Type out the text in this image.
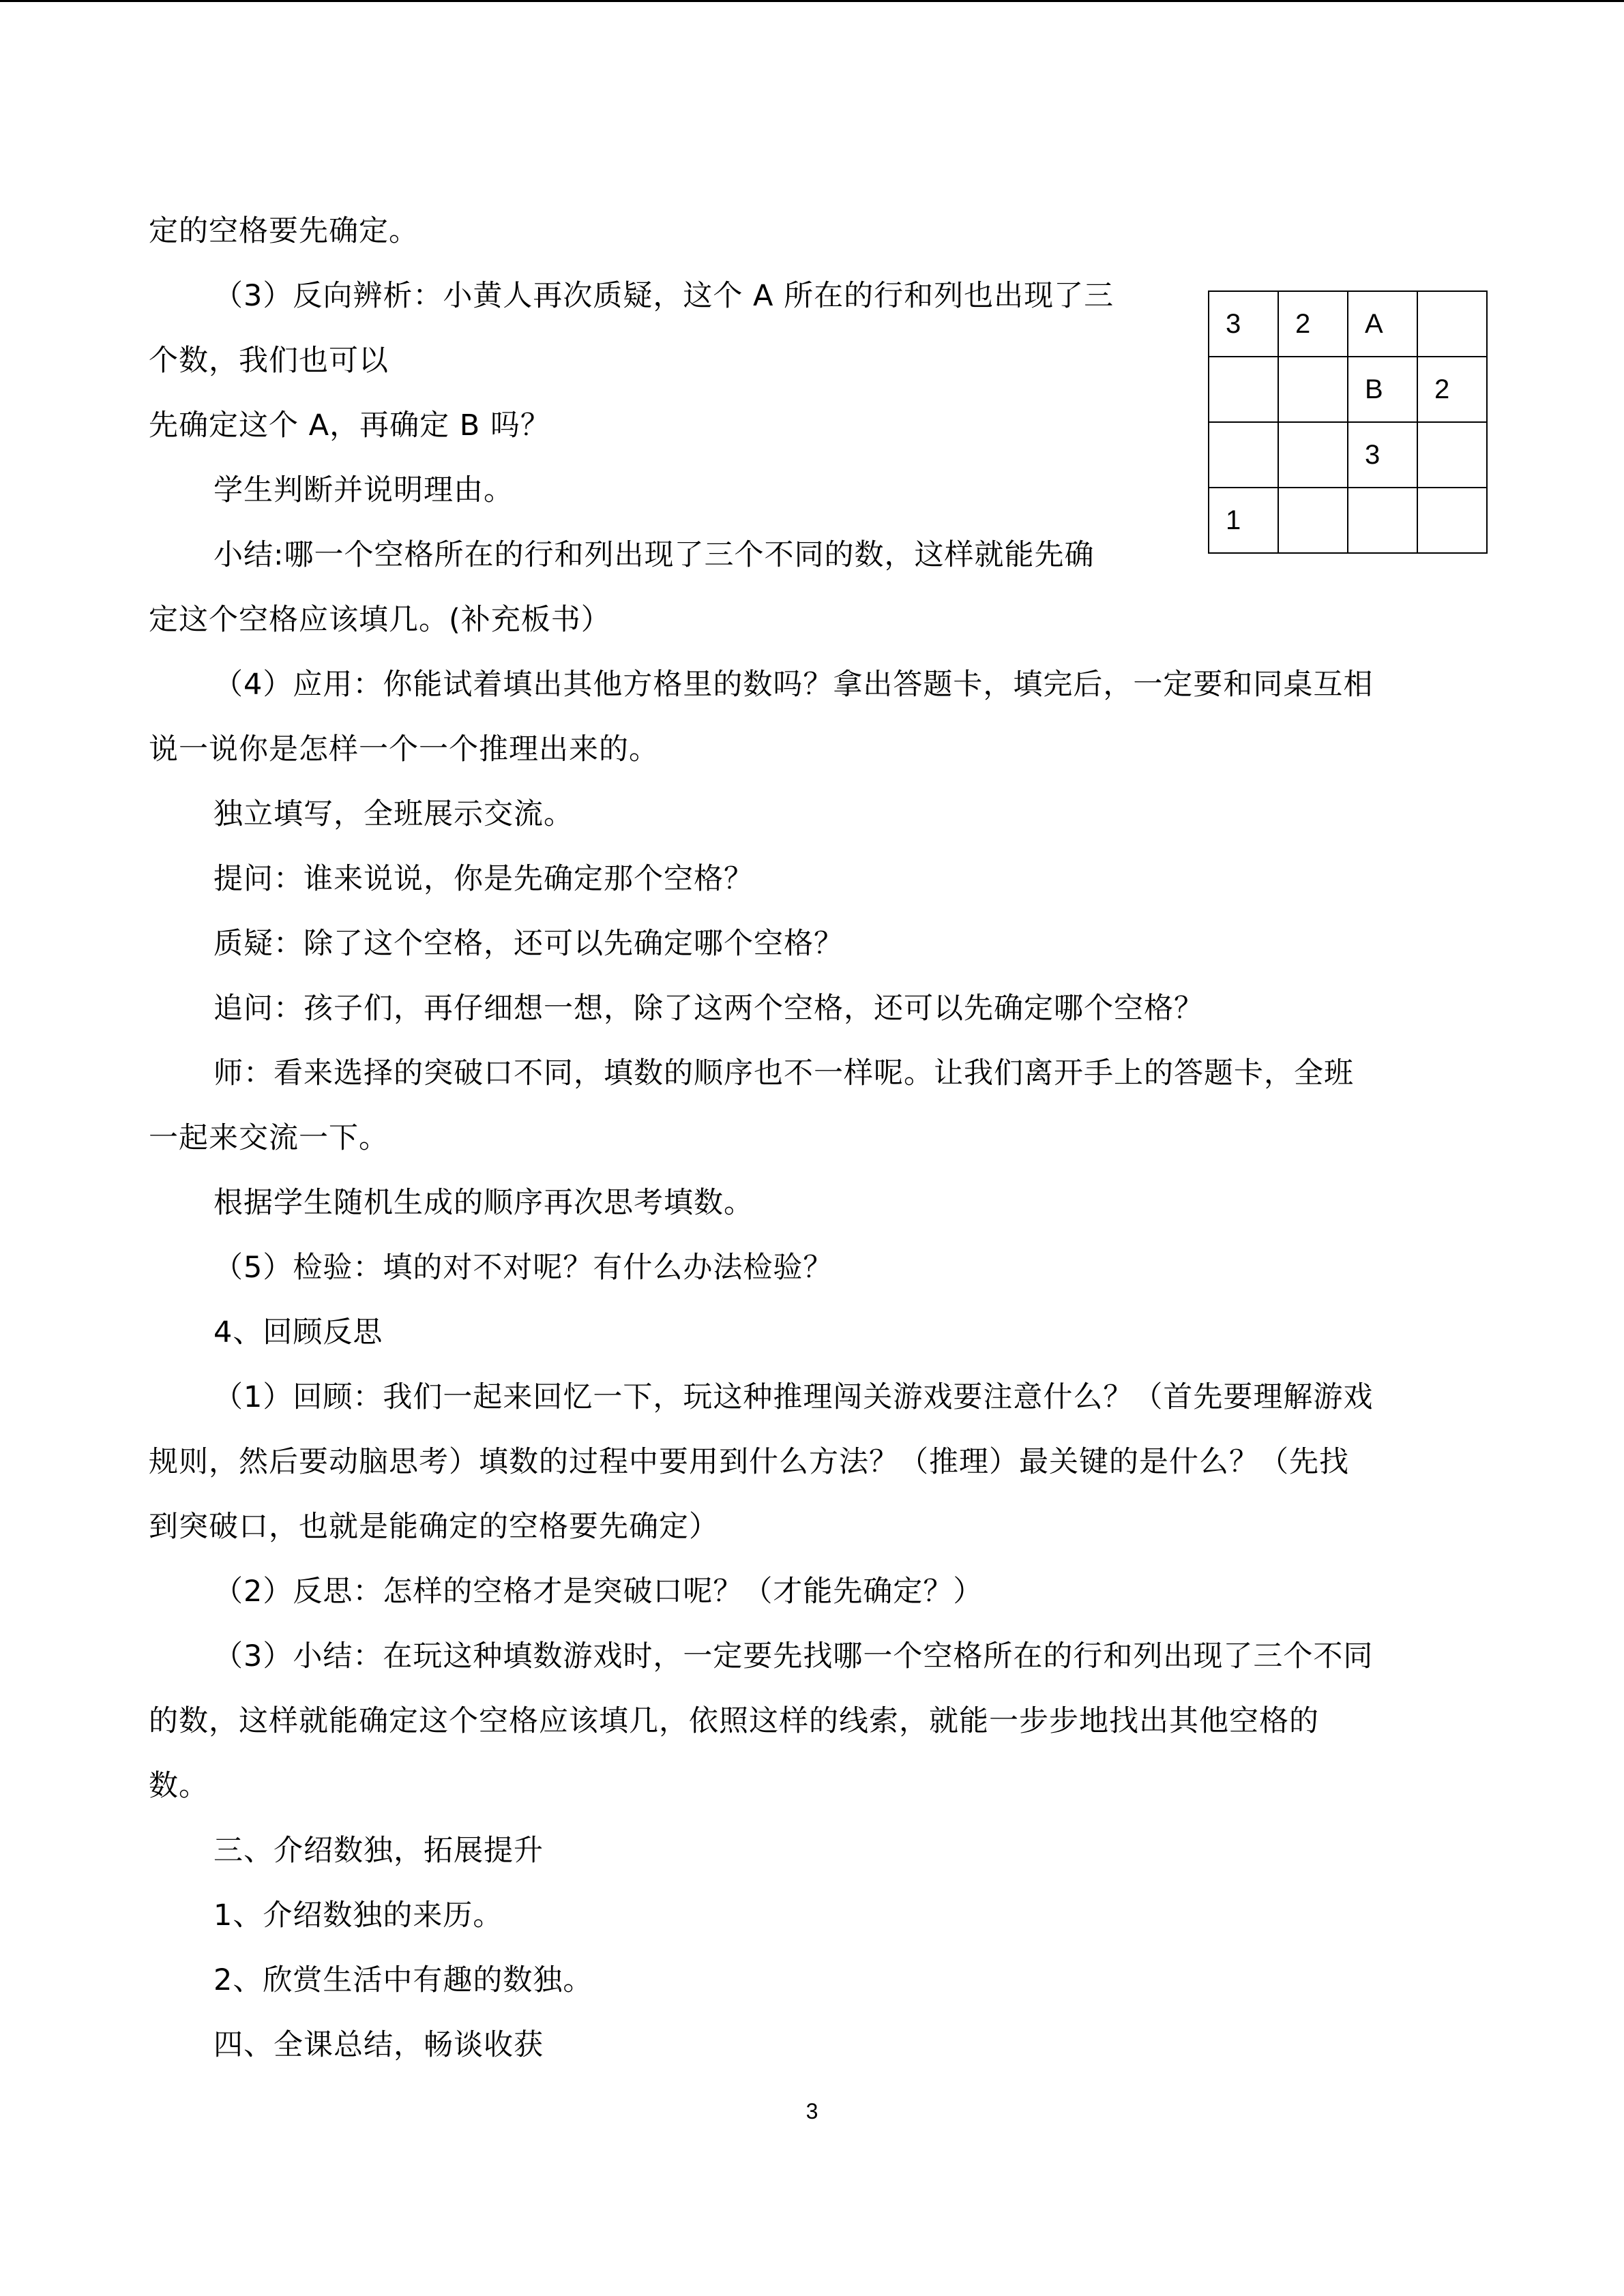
定的空格要先确定。
（3）反向辨析：小黄人再次质疑，这个 A 所在的行和列也出现了三
个数，我们也可以
先确定这个 A，再确定 B 吗？
学生判断并说明理由。
小结:哪一个空格所在的行和列出现了三个不同的数，这样就能先确
定这个空格应该填几。(补充板书）
（4）应用：你能试着填出其他方格里的数吗？拿出答题卡，填完后，一定要和同桌互相
说一说你是怎样一个一个推理出来的。
独立填写，全班展示交流。
提问：谁来说说，你是先确定那个空格？
质疑：除了这个空格，还可以先确定哪个空格？
追问：孩子们，再仔细想一想，除了这两个空格，还可以先确定哪个空格？
师：看来选择的突破口不同，填数的顺序也不一样呢。让我们离开手上的答题卡，全班
一起来交流一下。
根据学生随机生成的顺序再次思考填数。
（5）检验：填的对不对呢？有什么办法检验？
4、回顾反思
（1）回顾：我们一起来回忆一下，玩这种推理闯关游戏要注意什么？（首先要理解游戏
规则，然后要动脑思考）填数的过程中要用到什么方法？（推理）最关键的是什么？（先找
到突破口，也就是能确定的空格要先确定）
（2）反思：怎样的空格才是突破口呢？（才能先确定？）
（3）小结：在玩这种填数游戏时，一定要先找哪一个空格所在的行和列出现了三个不同
的数，这样就能确定这个空格应该填几，依照这样的线索，就能一步步地找出其他空格的
数。
三、介绍数独，拓展提升
1、介绍数独的来历。
2、欣赏生活中有趣的数独。
四、全课总结，畅谈收获
3	2	A	
		B	2
		3	
1			
3
